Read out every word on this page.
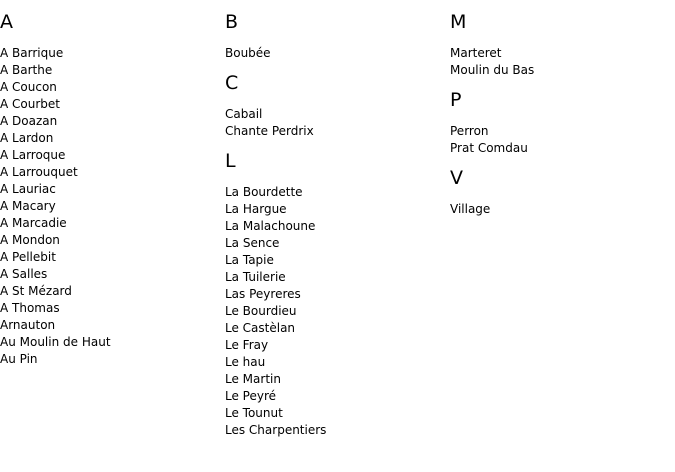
A
A Barrique
A Barthe
A Coucon
A Courbet
A Doazan
A Lardon
A Larroque
A Larrouquet
A Lauriac
A Macary
A Marcadie
A Mondon
A Pellebit
A Salles
A St Mézard
A Thomas
Arnauton
Au Moulin de Haut
Au Pin
B
Boubée
C
Cabail
Chante Perdrix
L
La Bourdette
La Hargue
La Malachoune
La Sence
La Tapie
La Tuilerie
Las Peyreres
Le Bourdieu
Le Castèlan
Le Fray
Le hau
Le Martin
Le Peyré
Le Tounut
Les Charpentiers
M
Marteret
Moulin du Bas
P
Perron
Prat Comdau
V
Village
